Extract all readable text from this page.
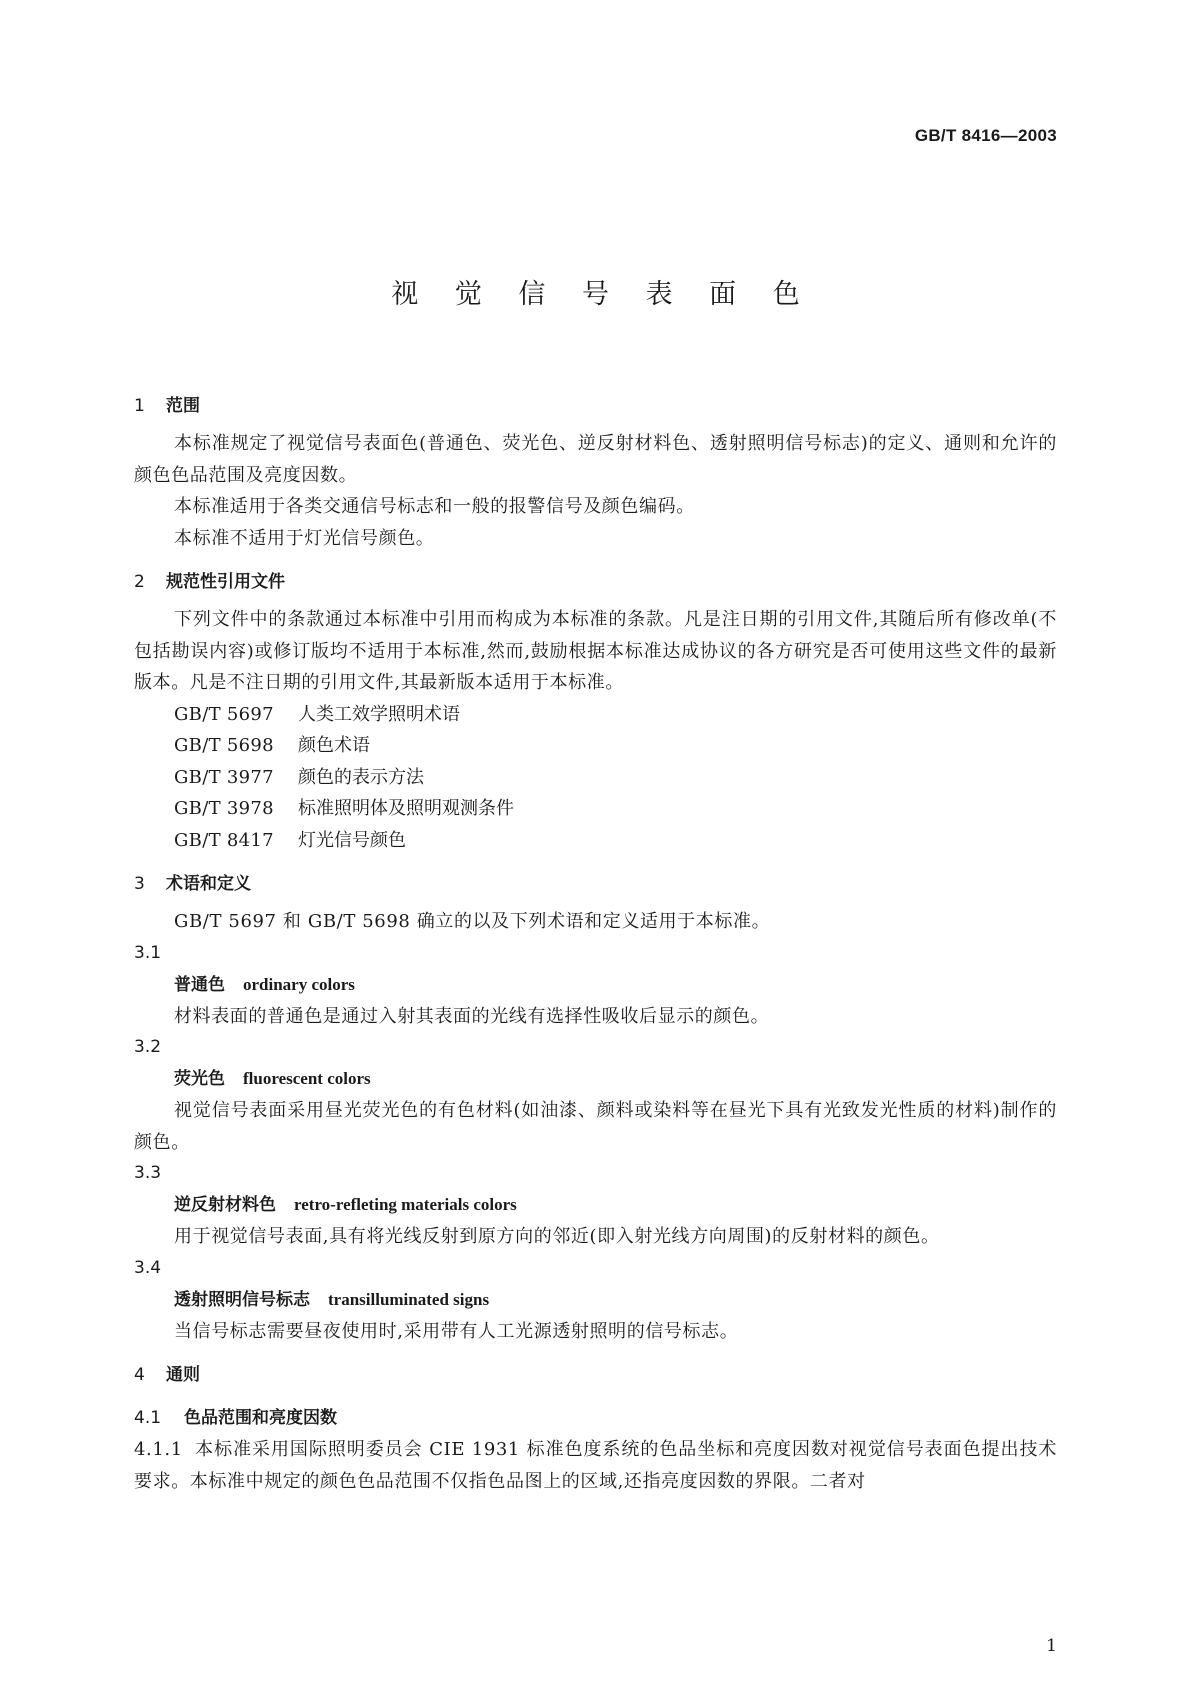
GB/T 8416—2003
视 觉 信 号 表 面 色
1 范围

本标准规定了视觉信号表面色(普通色、荧光色、逆反射材料色、透射照明信号标志)的定义、通则和允许的颜色色品范围及亮度因数。

本标准适用于各类交通信号标志和一般的报警信号及颜色编码。

本标准不适用于灯光信号颜色。

2 规范性引用文件

下列文件中的条款通过本标准中引用而构成为本标准的条款。凡是注日期的引用文件,其随后所有修改单(不包括勘误内容)或修订版均不适用于本标准,然而,鼓励根据本标准达成协议的各方研究是否可使用这些文件的最新版本。凡是不注日期的引用文件,其最新版本适用于本标准。

GB/T 5697 人类工效学照明术语

GB/T 5698 颜色术语

GB/T 3977 颜色的表示方法

GB/T 3978 标准照明体及照明观测条件

GB/T 8417 灯光信号颜色

3 术语和定义

GB/T 5697 和 GB/T 5698 确立的以及下列术语和定义适用于本标准。

3.1
普通色 ordinary colors

材料表面的普通色是通过入射其表面的光线有选择性吸收后显示的颜色。

3.2
荧光色 fluorescent colors

视觉信号表面采用昼光荧光色的有色材料(如油漆、颜料或染料等在昼光下具有光致发光性质的材料)制作的颜色。

3.3
逆反射材料色 retro-refleting materials colors

用于视觉信号表面,具有将光线反射到原方向的邻近(即入射光线方向周围)的反射材料的颜色。

3.4
透射照明信号标志 transilluminated signs

当信号标志需要昼夜使用时,采用带有人工光源透射照明的信号标志。

4 通则
4.1 色品范围和亮度因数

4.1.1 本标准采用国际照明委员会 CIE 1931 标准色度系统的色品坐标和亮度因数对视觉信号表面色提出技术要求。本标准中规定的颜色色品范围不仅指色品图上的区域,还指亮度因数的界限。二者对

1
